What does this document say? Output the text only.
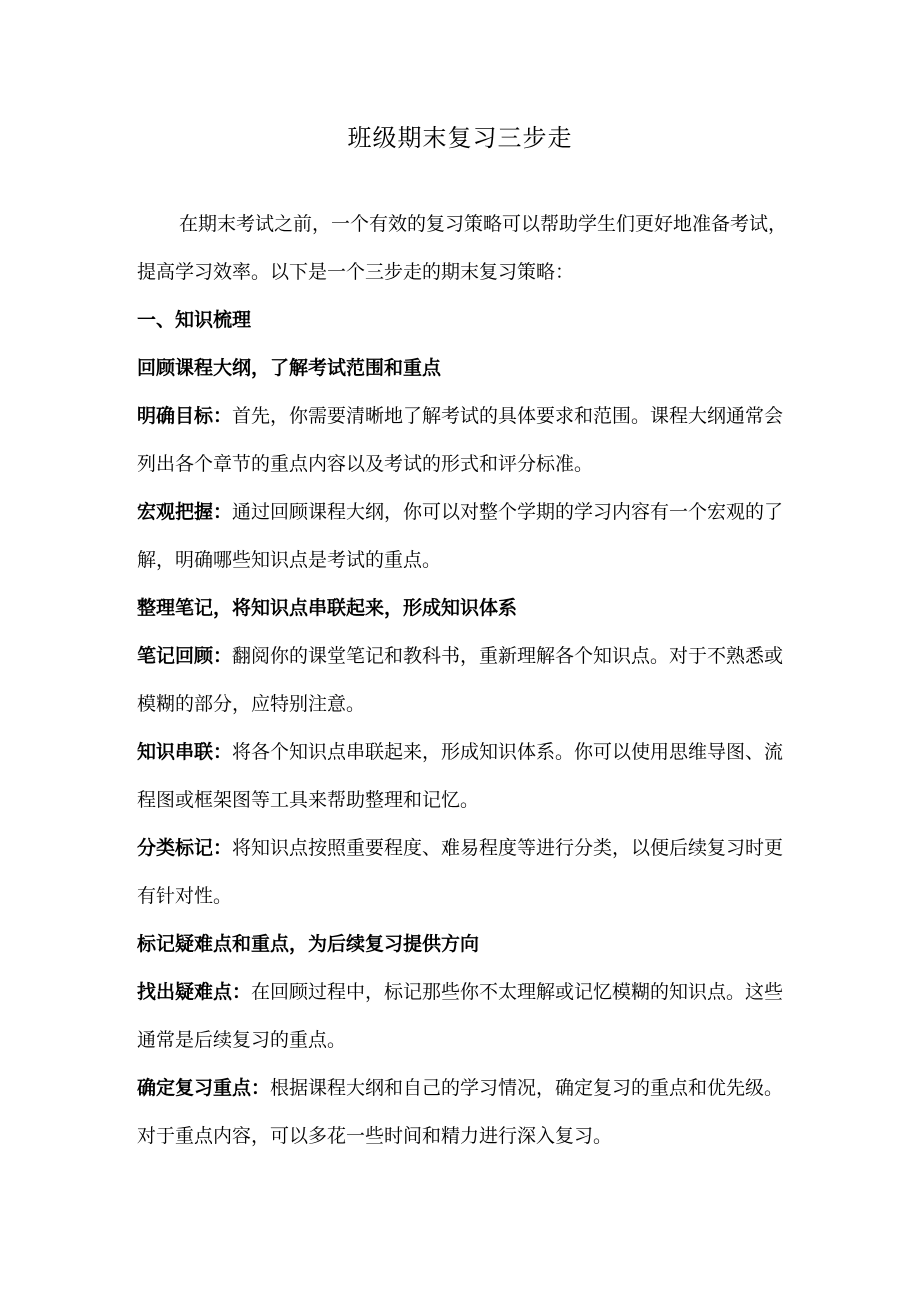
班级期末复习三步走

在期末考试之前，一个有效的复习策略可以帮助学生们更好地准备考试，提高学习效率。以下是一个三步走的期末复习策略：

一、知识梳理

回顾课程大纲，了解考试范围和重点

明确目标：首先，你需要清晰地了解考试的具体要求和范围。课程大纲通常会列出各个章节的重点内容以及考试的形式和评分标准。

宏观把握：通过回顾课程大纲，你可以对整个学期的学习内容有一个宏观的了解，明确哪些知识点是考试的重点。

整理笔记，将知识点串联起来，形成知识体系

笔记回顾：翻阅你的课堂笔记和教科书，重新理解各个知识点。对于不熟悉或模糊的部分，应特别注意。

知识串联：将各个知识点串联起来，形成知识体系。你可以使用思维导图、流程图或框架图等工具来帮助整理和记忆。

分类标记：将知识点按照重要程度、难易程度等进行分类，以便后续复习时更有针对性。

标记疑难点和重点，为后续复习提供方向

找出疑难点：在回顾过程中，标记那些你不太理解或记忆模糊的知识点。这些通常是后续复习的重点。

确定复习重点：根据课程大纲和自己的学习情况，确定复习的重点和优先级。对于重点内容，可以多花一些时间和精力进行深入复习。
